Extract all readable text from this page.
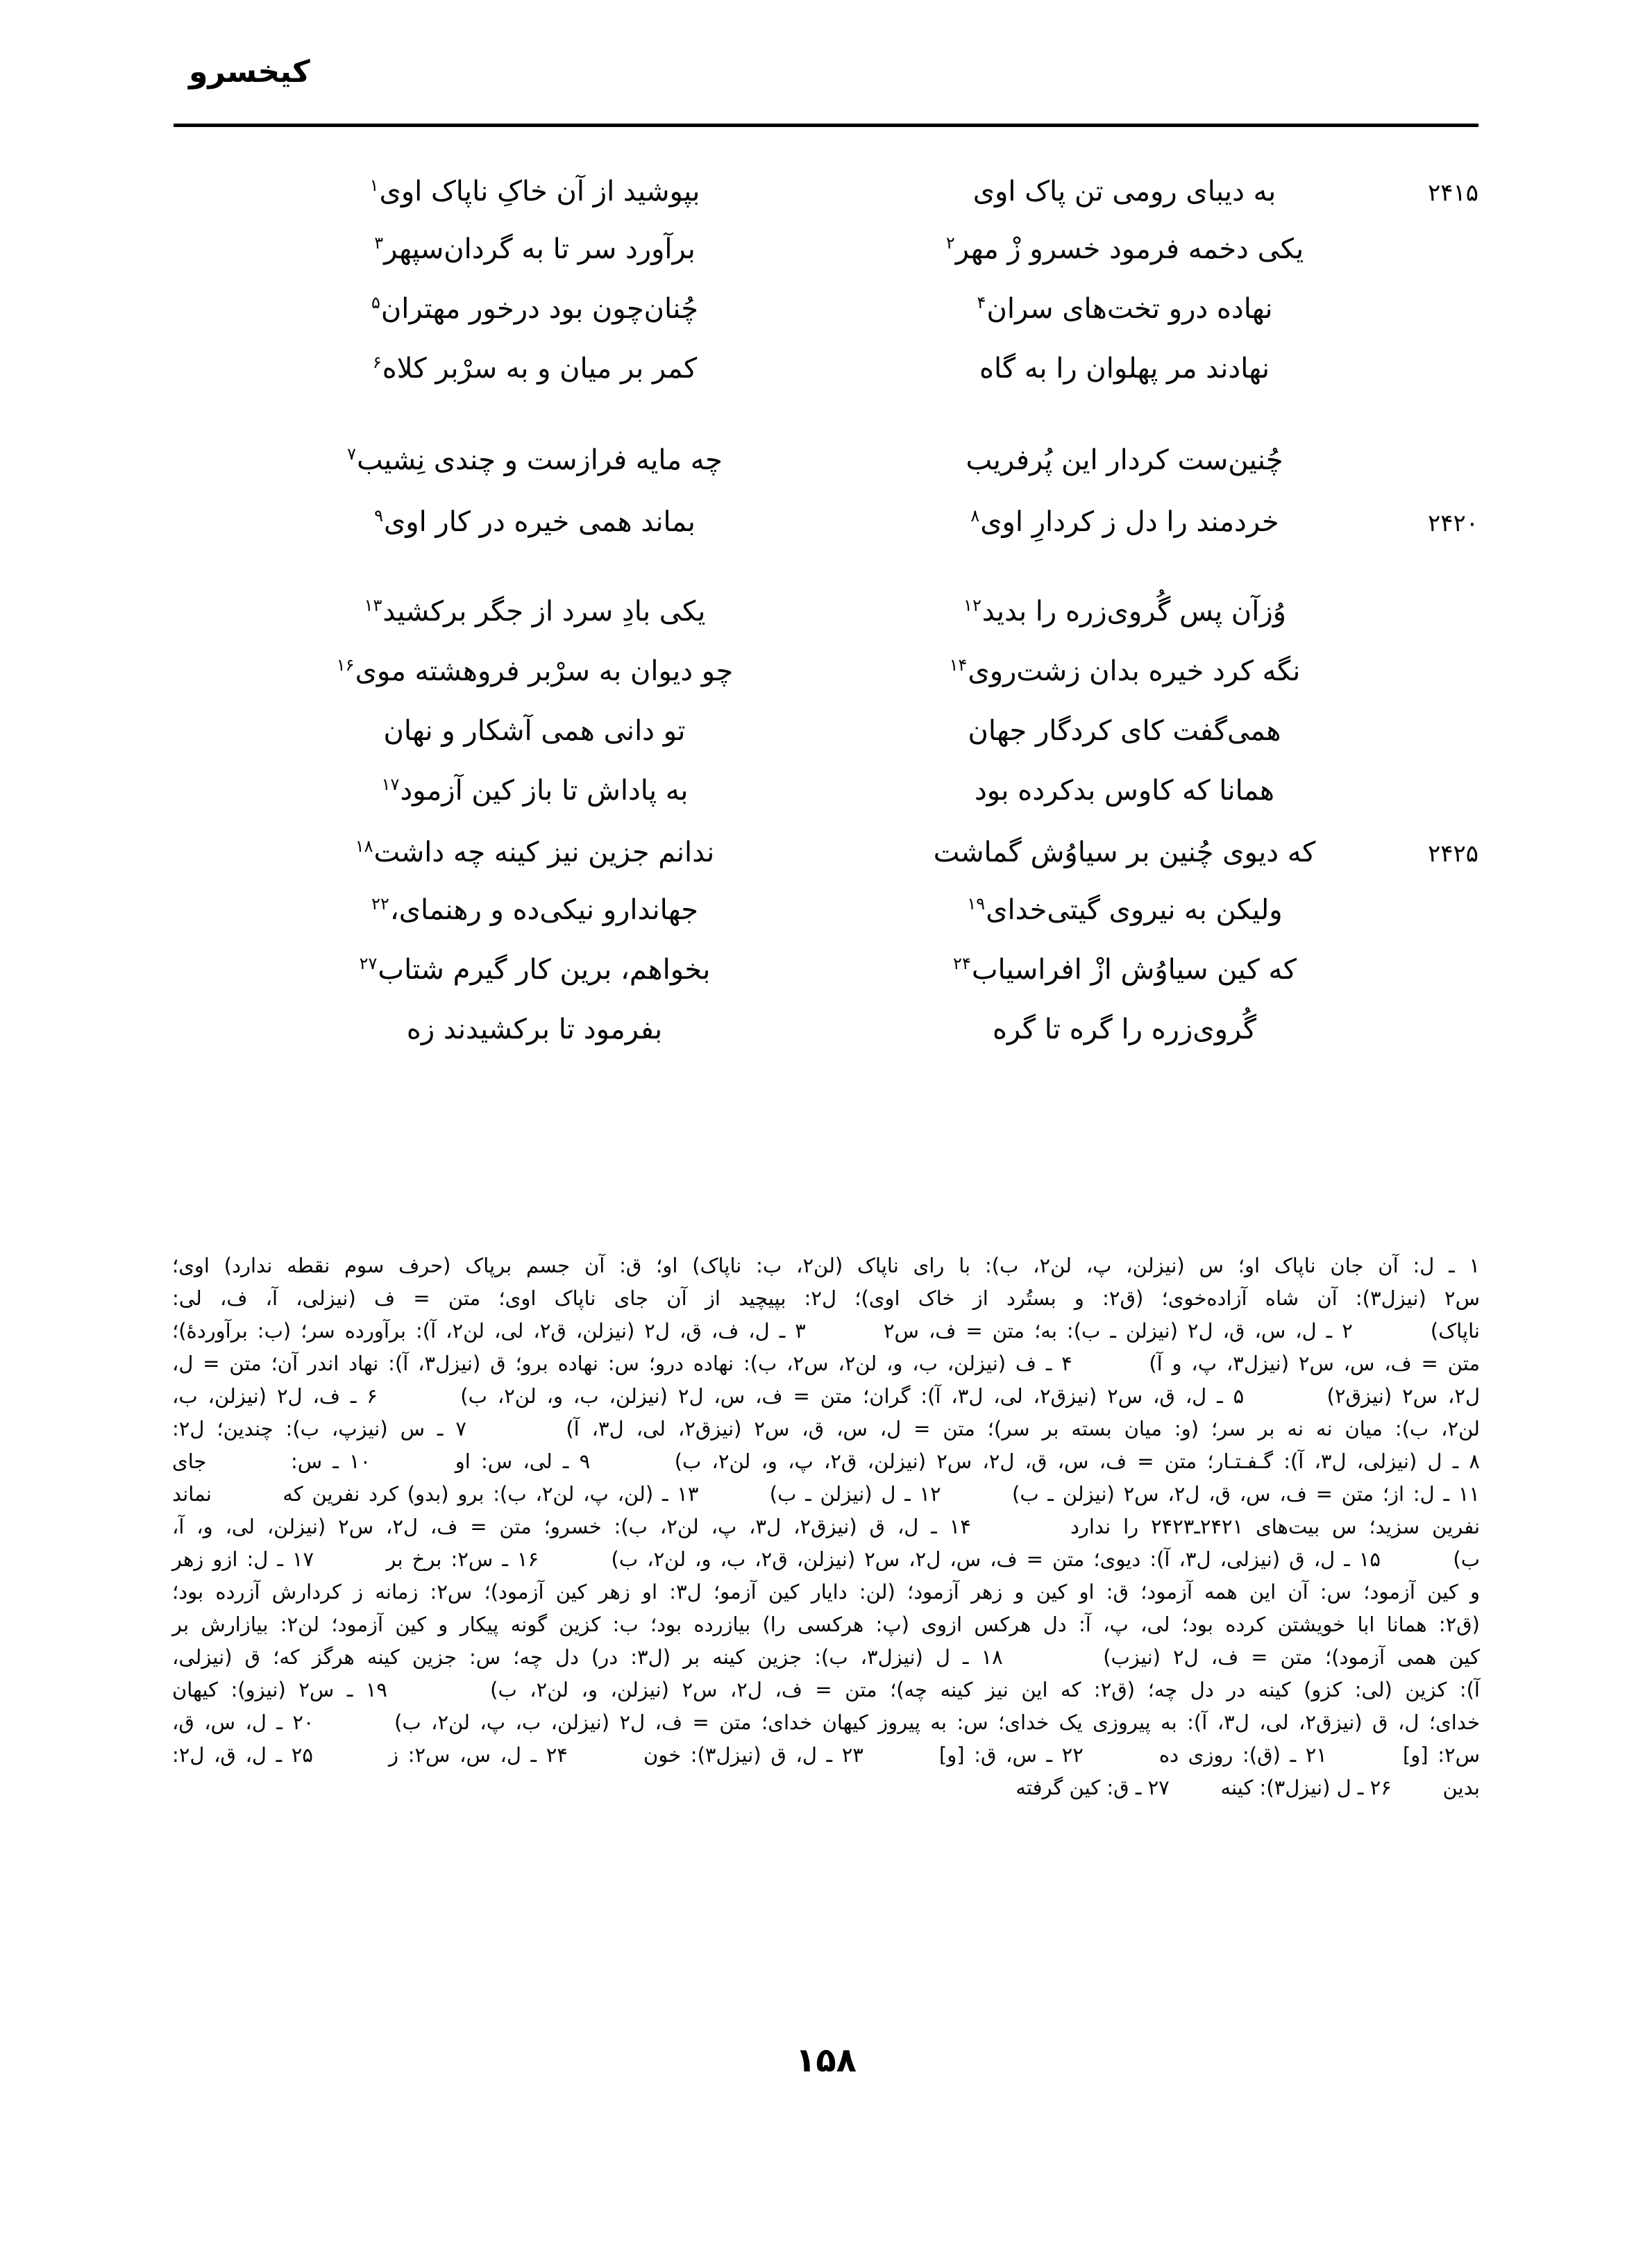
کیخسرو
۲۴۱۵
به دیبای رومی تن پاک اوی
بپوشید از آن خاکِ ناپاک اوی$^۱$
یکی دخمه فرمود خسرو زْ مهر$^۲$
برآورد سر تا به گردان‌سپهر$^۳$
نهاده درو تخت‌های سران$^۴$
چُنان‌چون بود درخور مهتران$^۵$
نهادند مر پهلوان را به گاه
کمر بر میان و به سرْبر کلاه$^۶$
چُنین‌ست کردار این پُرفریب
چه مایه فرازست و چندی نِشیب$^۷$
۲۴۲۰
خردمند را دل ز کردارِ اوی$^۸$
بماند همی خیره در کار اوی$^۹$
وُزآن پس گُروی‌زره را بدید$^{۱۲}$
یکی بادِ سرد از جگر برکشید$^{۱۳}$
نگه کرد خیره بدان زشت‌روی$^{۱۴}$
چو دیوان به سرْبر فروهشته موی$^{۱۶}$
همی‌گفت کای کردگار جهان
تو دانی همی آشکار و نهان
همانا که کاوس بدکرده بود
به پاداش تا باز کین آزمود$^{۱۷}$
۲۴۲۵
که دیوی چُنین بر سیاوُش گماشت
ندانم جزین نیز کینه چه داشت$^{۱۸}$
ولیکن به نیروی گیتی‌خدای$^{۱۹}$
جهاندارو نیکی‌ده و رهنمای،$^{۲۲}$
که کین سیاوُش ازْ افراسیاب$^{۲۴}$
بخواهم، برین کار گیرم شتاب$^{۲۷}$
گُروی‌زره را گره تا گره
بفرمود تا برکشیدند زه

۱ ـ ل: آن جان ناپاک او؛ س (نیزلن، پ، لن۲، ب): با رای ناپاک (لن۲، ب: ناپاک) او؛ ق: آن جسم بر‌پاک (حرف سوم نقطه ندارد) اوی؛

س۲ (نیزل۳): آن شاه آزاده‌خوی؛ (ق۲: و بستُرد از خاک اوی)؛ ل۲: بپیچید از آن جای ناپاک اوی؛ متن = ف (نیزلی، آ، ف، لی:

ناپاک)        ۲ ـ ل، س، ق، ل۲ (نیزلن ـ ب): به؛ متن = ف، س۲        ۳ ـ ل، ف، ق، ل۲ (نیزلن، ق۲، لی، لن۲، آ): برآورده سر؛ (ب: برآوردهٔ)؛

متن = ف، س، س۲ (نیزل۳، پ، و آ)        ۴ ـ ف (نیزلن، ب، و، لن۲، س۲، ب): نهاده درو؛ س: نهاده برو؛ ق (نیزل۳، آ): نهاد اندر آن؛ متن = ل،

ل۲، س۲ (نیزق۲)        ۵ ـ ل، ق، س۲ (نیزق۲، لی، ل۳، آ): گران؛ متن = ف، س، ل۲ (نیزلن، ب، و، لن۲، ب)        ۶ ـ ف، ل۲ (نیزلن، ب،

لن۲، ب): میان نه نه بر سر؛ (و: میان بسته بر سر)؛ متن = ل، س، ق، س۲ (نیزق۲، لی، ل۳، آ)        ۷ ـ س (نیزپ، ب): چندین؛ ل۲:

۸ ـ ل (نیزلی، ل۳، آ): گـفـتـار؛ متن = ف، س، ق، ل۲، س۲ (نیزلن، ق۲، پ، و، لن۲، ب)        ۹ ـ لی، س: او        ۱۰ ـ س:        جای

۱۱ ـ ل: از؛ متن = ف، س، ق، ل۲، س۲ (نیزلن ـ ب)        ۱۲ ـ ل (نیزلن ـ ب)        ۱۳ ـ (لن، پ، لن۲، ب): برو (بدو) کرد نفرین که        نماند

نفرین سزید؛ س بیت‌های ۲۴۲۱ـ۲۴۲۳ را ندارد        ۱۴ ـ ل، ق (نیزق۲، ل۳، پ، لن۲، ب): خسرو؛ متن = ف، ل۲، س۲ (نیزلن، لی، و، آ،

ب)        ۱۵ ـ ل، ق (نیزلی، ل۳، آ): دیوی؛ متن = ف، س، ل۲، س۲ (نیزلن، ق۲، ب، و، لن۲، ب)        ۱۶ ـ س۲: بر‌خ بر        ۱۷ ـ ل: ازو زهر

و کین آزمود؛ س: آن این همه آزمود؛ ق: او کین و زهر آزمود؛ (لن: دایار کین آزمو؛ ل۳: او زهر کین آزمود)؛ س۲: زمانه ز کردارش آزرده بود؛

(ق۲: همانا ابا خویشتن کرده بود؛ لی، پ، آ: دل هرکس ازوی (پ: هرکسی را) بیازرده بود؛ ب: کزین گونه پیکار و کین آزمود؛ لن۲: بیازارش بر

کین همی آزمود)؛ متن = ف، ل۲ (نیزب)        ۱۸ ـ ل (نیزل۳، ب): جزین کینه بر (ل۳: در) دل چه؛ س: جزین کینه هرگز که؛ ق (نیزلی،

آ): کزین (لی: کزو) کینه در دل چه؛ (ق۲: که این نیز کینه چه)؛ متن = ف، ل۲، س۲ (نیزلن، و، لن۲، ب)        ۱۹ ـ س۲ (نیزو): کیهان

خدای؛ ل، ق (نیزق۲، لی، ل۳، آ): به پیروزی یک خدای؛ س: به پیروز کیهان خدای؛ متن = ف، ل۲ (نیزلن، ب، پ، لن۲، ب)        ۲۰ ـ ل، س، ق،

س۲: [و]        ۲۱ ـ (ق): روزی ده        ۲۲ ـ س، ق: [و]        ۲۳ ـ ل، ق (نیزل۳): خون        ۲۴ ـ ل، س، س۲: ز        ۲۵ ـ ل، ق، ل۲:

بدین        ۲۶ ـ ل (نیزل۳): کینه        ۲۷ ـ ق: کین گرفته

۱۵۸
